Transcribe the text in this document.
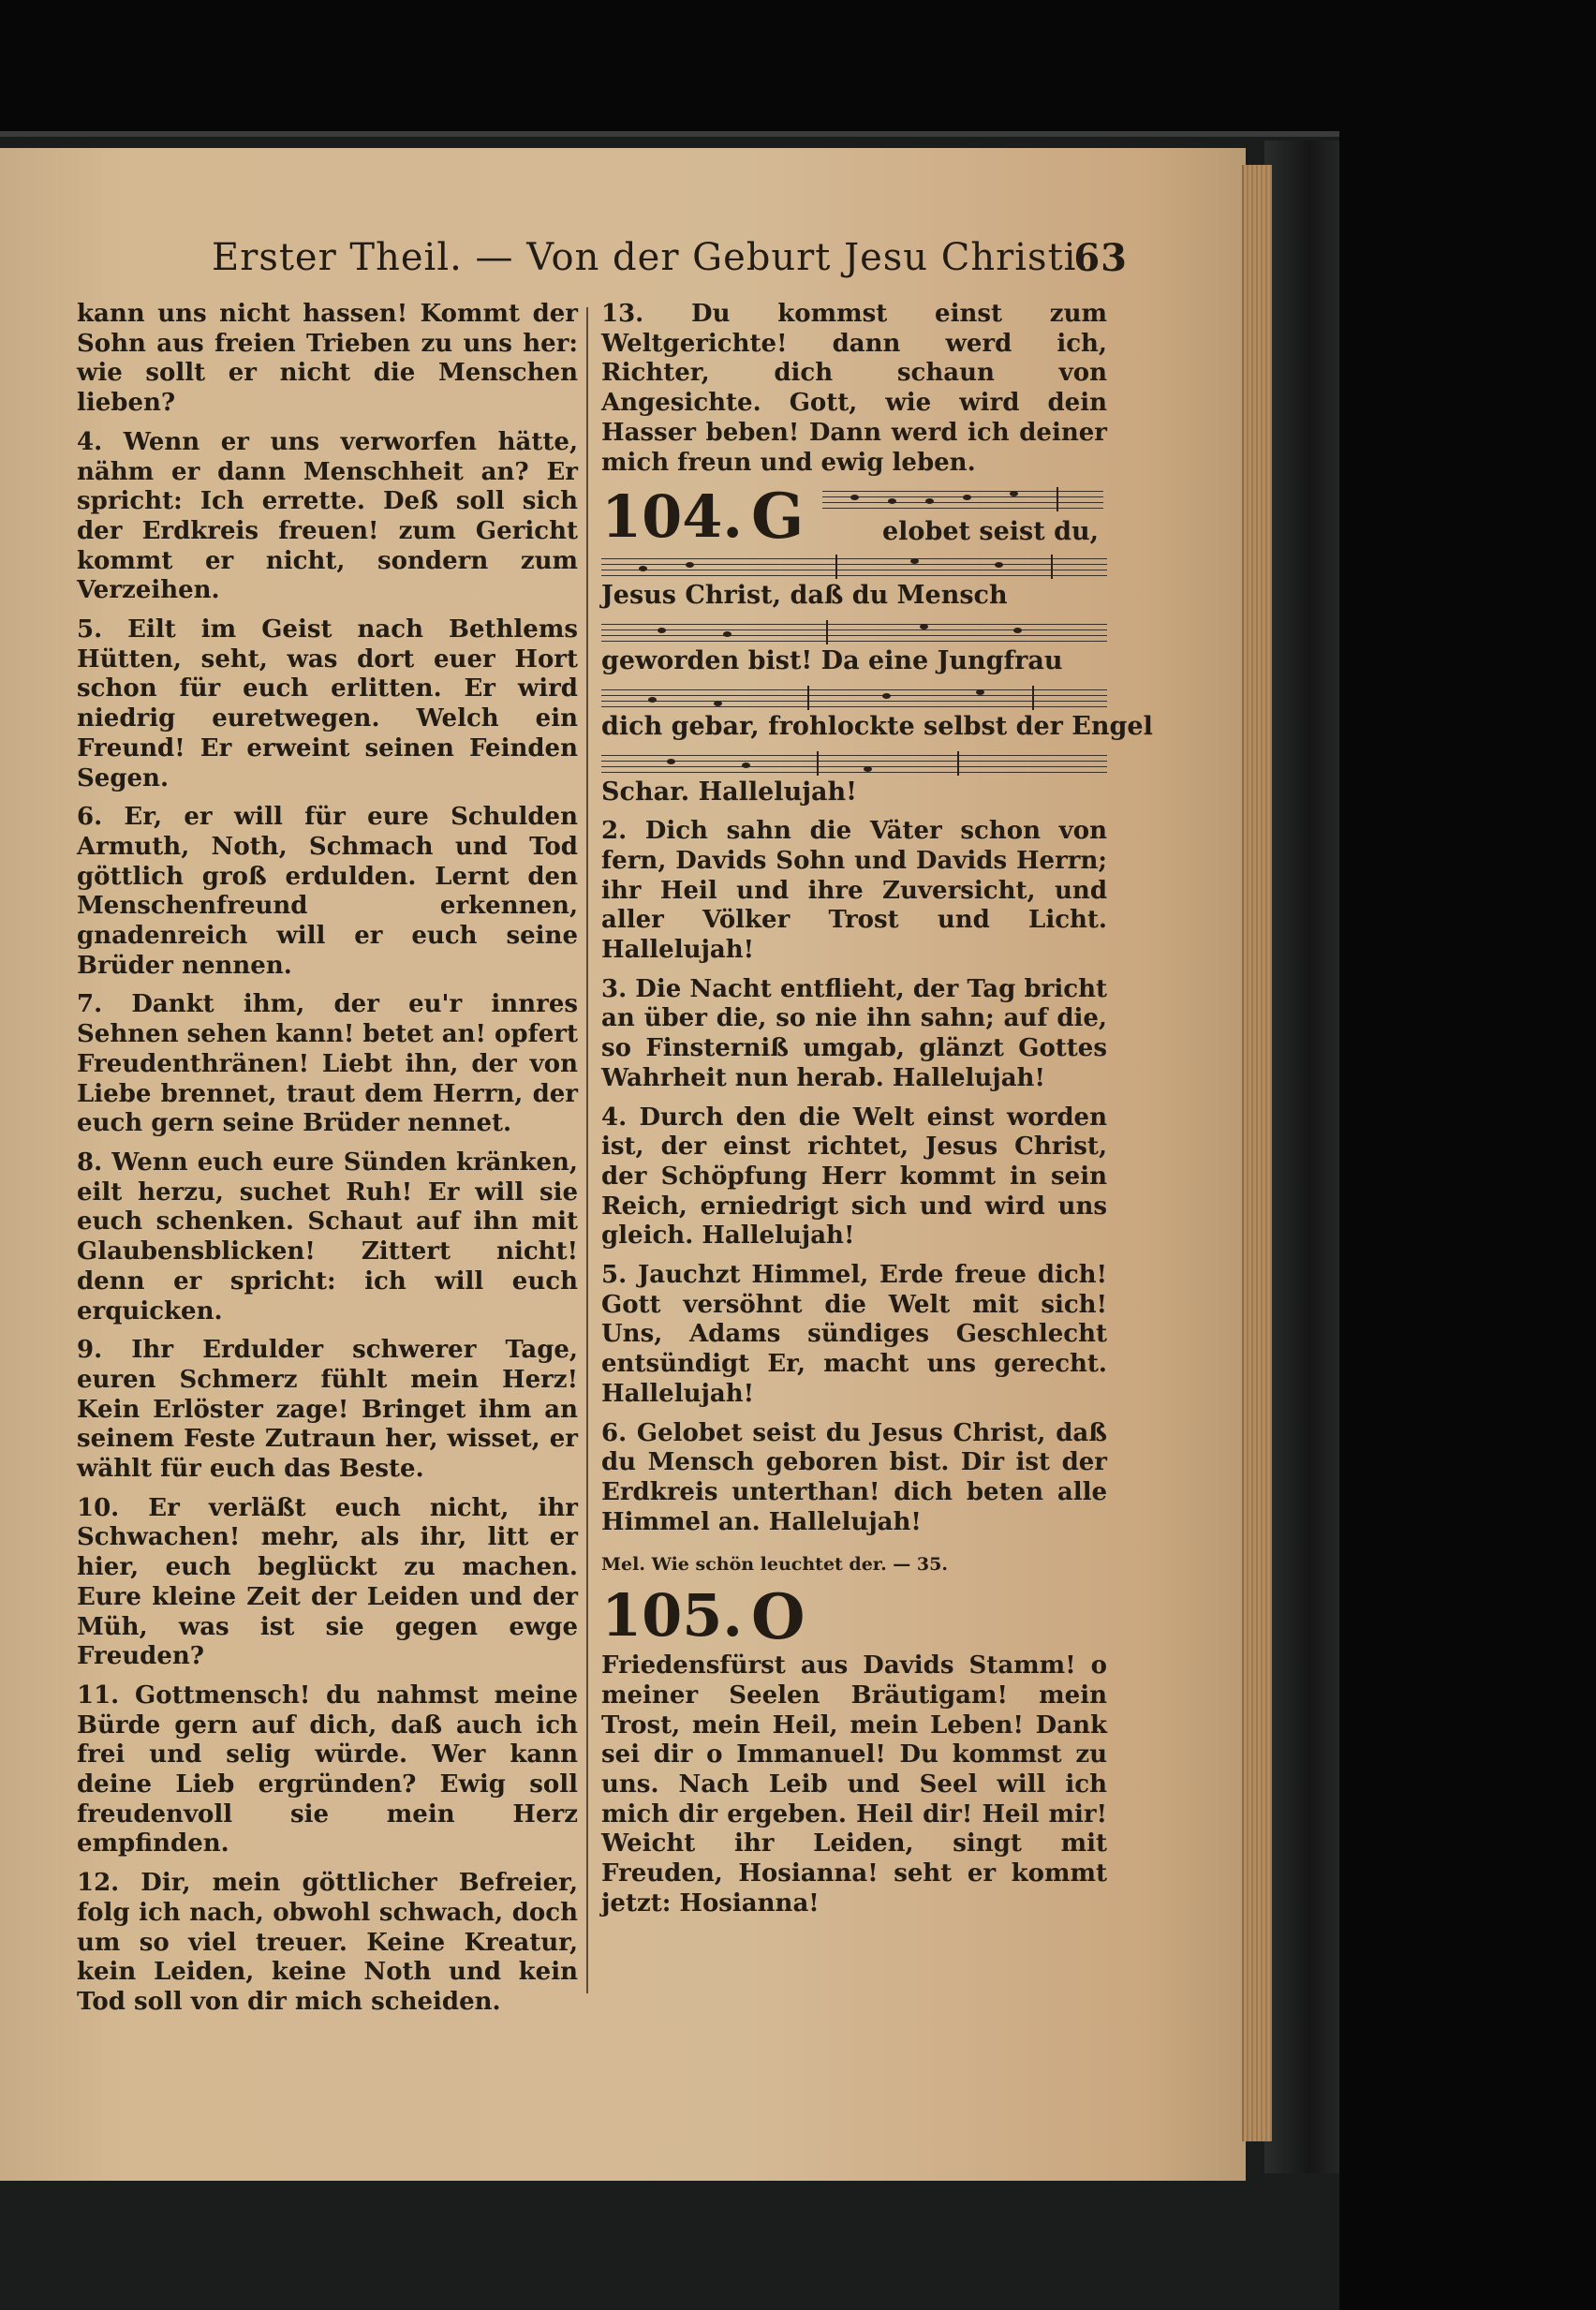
Erster Theil. — Von der Geburt Jesu Christi.
63

kann uns nicht hassen! Kommt der Sohn aus freien Trieben zu uns her: wie sollt er nicht die Menschen lieben?

4. Wenn er uns verworfen hätte, nähm er dann Menschheit an? Er spricht: Ich errette. Deß soll sich der Erdkreis freuen! zum Gericht kommt er nicht, sondern zum Verzeihen.

5. Eilt im Geist nach Bethlems Hütten, seht, was dort euer Hort schon für euch erlitten. Er wird niedrig euretwegen. Welch ein Freund! Er erweint seinen Feinden Segen.

6. Er, er will für eure Schulden Armuth, Noth, Schmach und Tod göttlich groß erdulden. Lernt den Menschenfreund erkennen, gnadenreich will er euch seine Brüder nennen.

7. Dankt ihm, der eu'r innres Sehnen sehen kann! betet an! opfert Freudenthränen! Liebt ihn, der von Liebe brennet, traut dem Herrn, der euch gern seine Brüder nennet.

8. Wenn euch eure Sünden kränken, eilt herzu, suchet Ruh! Er will sie euch schenken. Schaut auf ihn mit Glaubensblicken! Zittert nicht! denn er spricht: ich will euch erquicken.

9. Ihr Erdulder schwerer Tage, euren Schmerz fühlt mein Herz! Kein Erlöster zage! Bringet ihm an seinem Feste Zutraun her, wisset, er wählt für euch das Beste.

10. Er verläßt euch nicht, ihr Schwachen! mehr, als ihr, litt er hier, euch beglückt zu machen. Eure kleine Zeit der Leiden und der Müh, was ist sie gegen ewge Freuden?

11. Gottmensch! du nahmst meine Bürde gern auf dich, daß auch ich frei und selig würde. Wer kann deine Lieb ergründen? Ewig soll freudenvoll sie mein Herz empfinden.

12. Dir, mein göttlicher Befreier, folg ich nach, obwohl schwach, doch um so viel treuer. Keine Kreatur, kein Leiden, keine Noth und kein Tod soll von dir mich scheiden.

13. Du kommst einst zum Weltgerichte! dann werd ich, Richter, dich schaun von Angesichte. Gott, wie wird dein Hasser beben! Dann werd ich deiner mich freun und ewig leben.

104. G	elobet seist du,
Jesus Christ, daß du Mensch
geworden bist! Da eine Jungfrau
dich gebar, frohlockte selbst der Engel
Schar. Hallelujah!

2. Dich sahn die Väter schon von fern, Davids Sohn und Davids Herrn; ihr Heil und ihre Zuversicht, und aller Völker Trost und Licht. Hallelujah!

3. Die Nacht entflieht, der Tag bricht an über die, so nie ihn sahn; auf die, so Finsterniß umgab, glänzt Gottes Wahrheit nun herab. Hallelujah!

4. Durch den die Welt einst worden ist, der einst richtet, Jesus Christ, der Schöpfung Herr kommt in sein Reich, erniedrigt sich und wird uns gleich. Hallelujah!

5. Jauchzt Himmel, Erde freue dich! Gott versöhnt die Welt mit sich! Uns, Adams sündiges Geschlecht entsündigt Er, macht uns gerecht. Hallelujah!

6. Gelobet seist du Jesus Christ, daß du Mensch geboren bist. Dir ist der Erdkreis unterthan! dich beten alle Himmel an. Hallelujah!

Mel. Wie schön leuchtet der. — 35.
105. O

Friedensfürst aus Davids Stamm! o meiner Seelen Bräutigam! mein Trost, mein Heil, mein Leben! Dank sei dir o Immanuel! Du kommst zu uns. Nach Leib und Seel will ich mich dir ergeben. Heil dir! Heil mir! Weicht ihr Leiden, singt mit Freuden, Hosianna! seht er kommt jetzt: Hosianna!
